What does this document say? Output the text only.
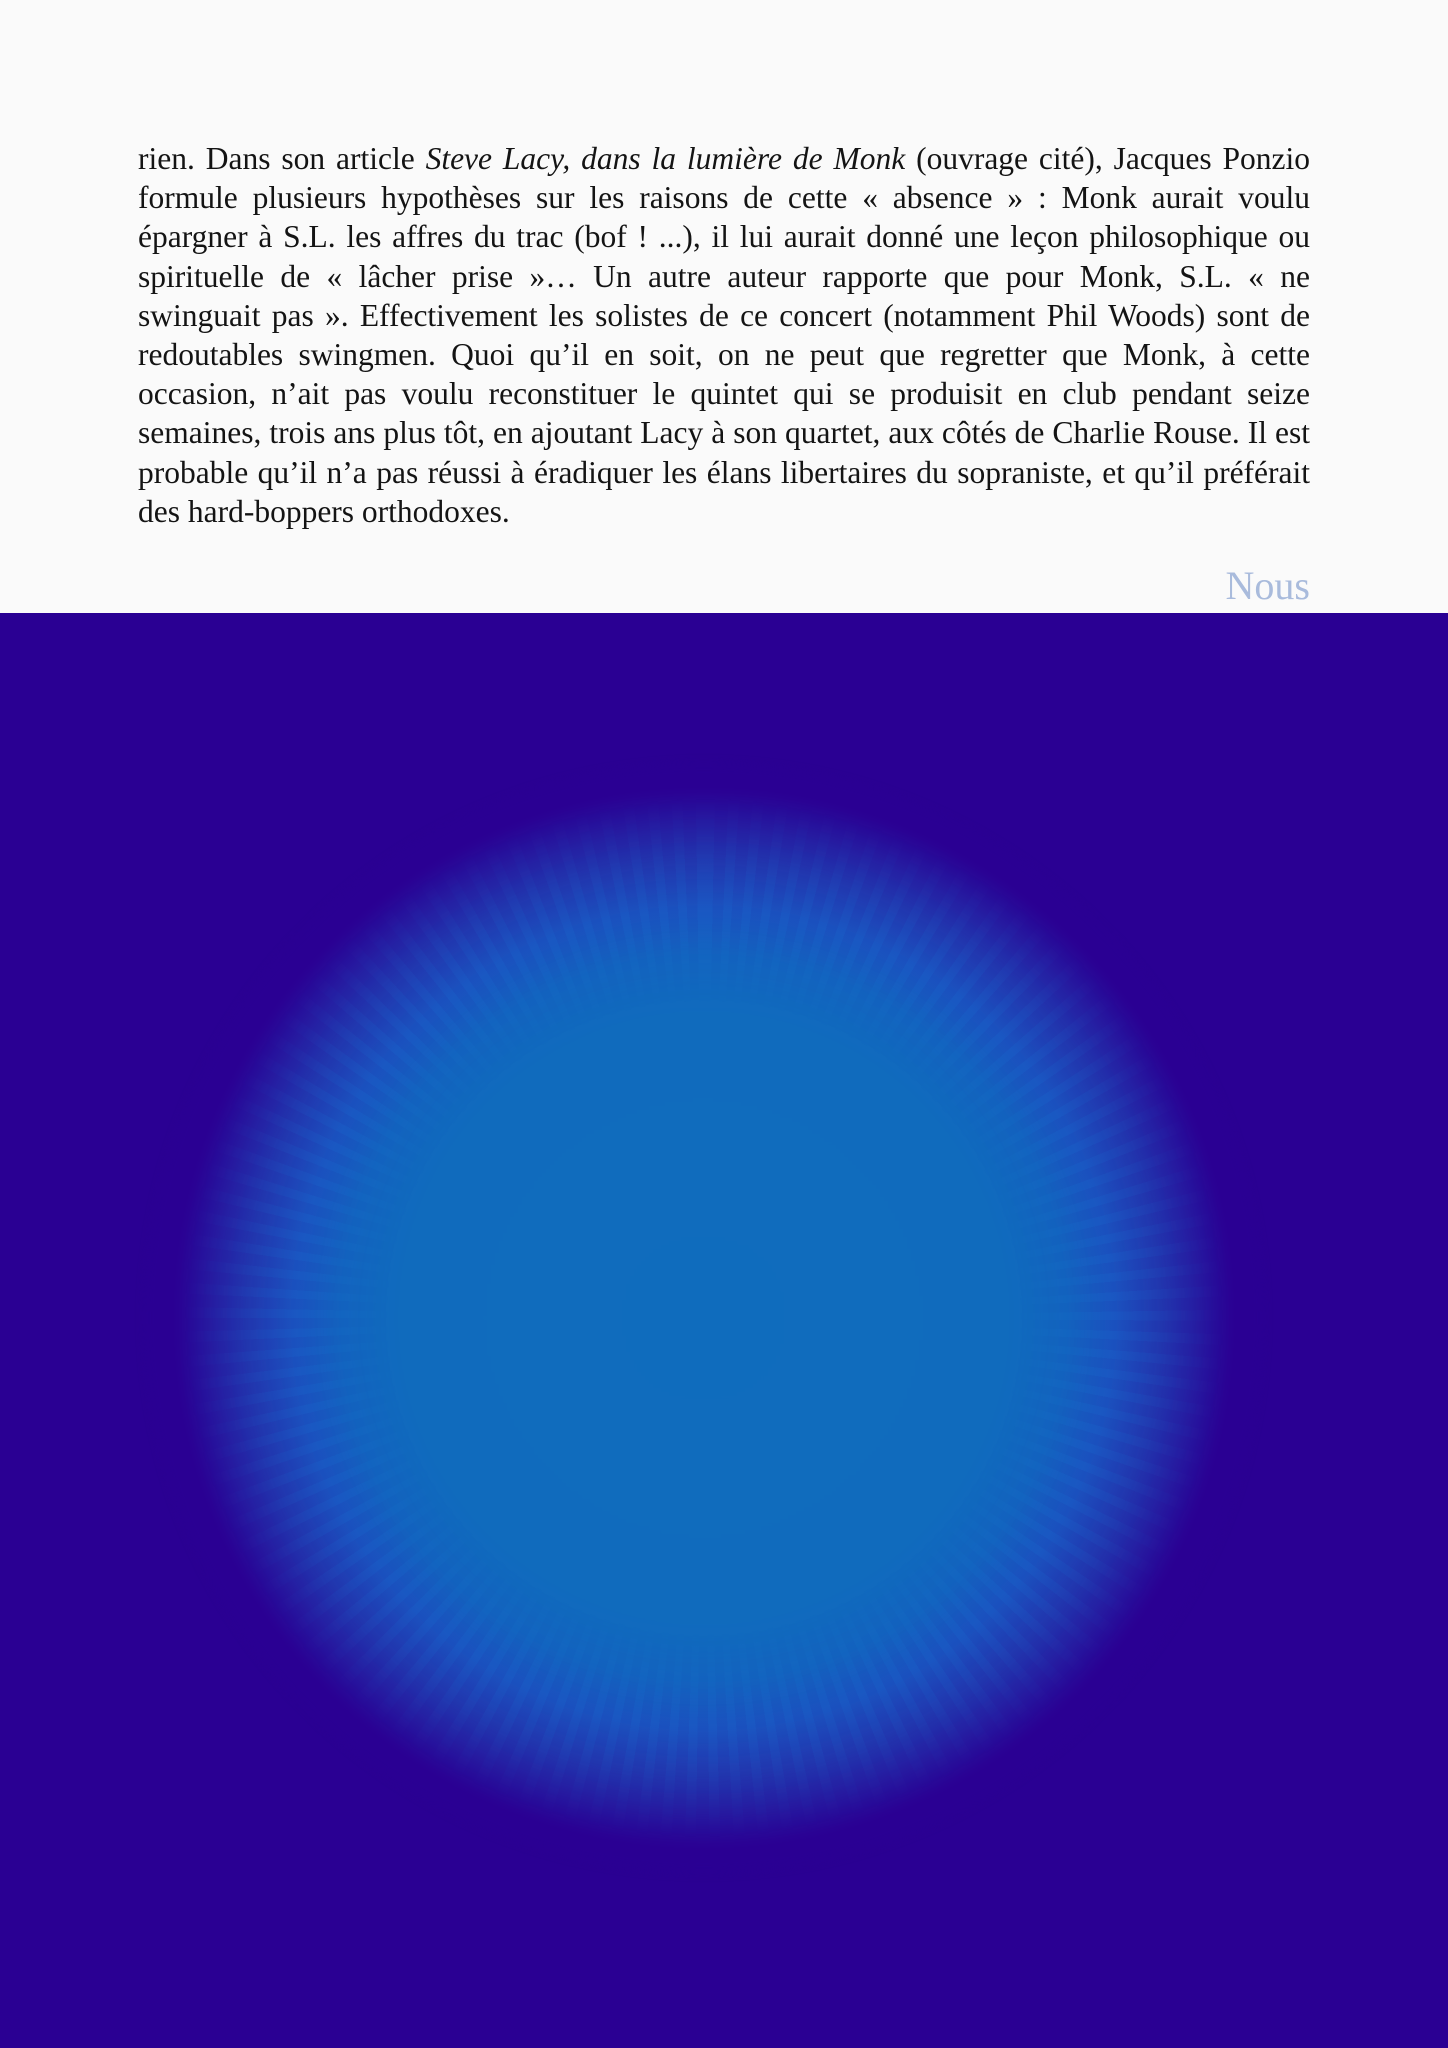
rien. Dans son article Steve Lacy, dans la lumière de Monk (ouvrage cité), Jacques Ponzio formule plusieurs hypothèses sur les raisons de cette « absence » : Monk aurait voulu épargner à S.L. les affres du trac (bof ! ...), il lui aurait donné une leçon philosophique ou spirituelle de « lâcher prise »… Un autre auteur rapporte que pour Monk, S.L. « ne swinguait pas ». Effectivement les solistes de ce concert (notamment Phil Woods) sont de redoutables swingmen. Quoi qu’il en soit, on ne peut que regretter que Monk, à cette occasion, n’ait pas voulu reconstituer le quintet qui se produisit en club pendant seize semaines, trois ans plus tôt, en ajoutant Lacy à son quartet, aux côtés de Charlie Rouse. Il est probable qu’il n’a pas réussi à éradiquer les élans libertaires du sopraniste, et qu’il préférait des hard-boppers orthodoxes.

Nous
